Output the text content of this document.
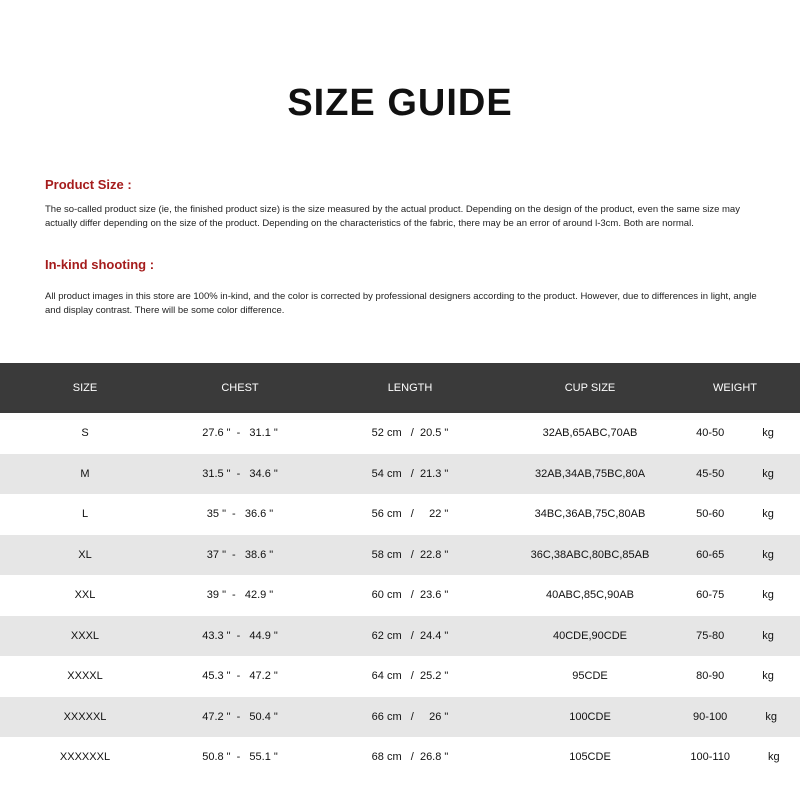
SIZE GUIDE
Product Size :
The so-called product size (ie, the finished product size) is the size measured by the actual product. Depending on the design of the product, even the same size may actually differ depending on the size of the product. Depending on the characteristics of the fabric, there may be an error of around l-3cm. Both are normal.
In-kind shooting :
All product images in this store are 100% in-kind, and the color is corrected by professional designers according to the product. However, due to differences in light, angle and display contrast. There will be some color difference.
SIZE	CHEST	LENGTH	CUP SIZE	WEIGHT
S	27.6 " -   31.1 "	52 cm   /  20.5 "	32AB,65ABC,70AB	40-50	kg
M	31.5 " -   34.6 "	54 cm   /  21.3 "	32AB,34AB,75BC,80A	45-50	kg
L	35 " -   36.6 "	56 cm   /     22 "	34BC,36AB,75C,80AB	50-60	kg
XL	37 " -   38.6 "	58 cm   /  22.8 "	36C,38ABC,80BC,85AB	60-65	kg
XXL	39 " -   42.9 "	60 cm   /  23.6 "	40ABC,85C,90AB	60-75	kg
XXXL	43.3 " -   44.9 "	62 cm   /  24.4 "	40CDE,90CDE	75-80	kg
XXXXL	45.3 " -   47.2 "	64 cm   /  25.2 "	95CDE	80-90	kg
XXXXXL	47.2 " -   50.4 "	66 cm   /     26 "	100CDE	90-100	kg
XXXXXXL	50.8 " -   55.1 "	68 cm   /  26.8 "	105CDE	100-110	kg
